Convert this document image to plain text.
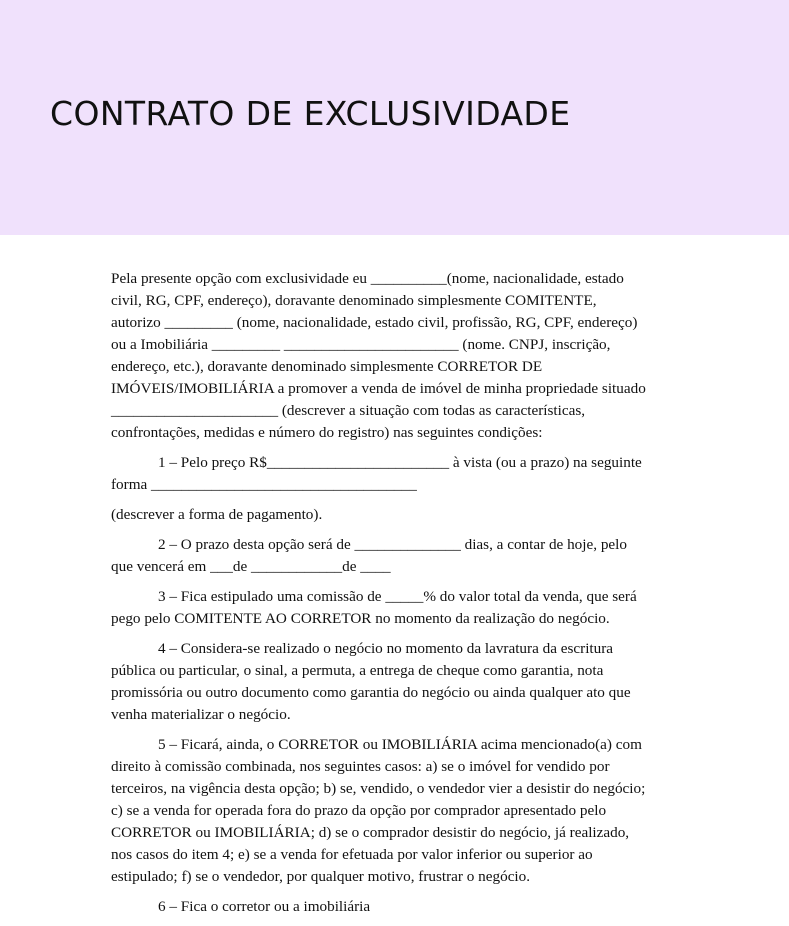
CONTRATO DE EXCLUSIVIDADE

Pela presente opção com exclusividade eu __________(nome, nacionalidade, estado
civil, RG, CPF, endereço), doravante denominado simplesmente COMITENTE,
autorizo _________ (nome, nacionalidade, estado civil, profissão, RG, CPF, endereço)
ou a Imobiliária _________ _______________________ (nome. CNPJ, inscrição,
endereço, etc.), doravante denominado simplesmente CORRETOR DE
IMÓVEIS/IMOBILIÁRIA a promover a venda de imóvel de minha propriedade situado
______________________ (descrever a situação com todas as características,
confrontações, medidas e número do registro) nas seguintes condições:

1 – Pelo preço R$________________________ à vista (ou a prazo) na seguinte
forma ___________________________________

(descrever a forma de pagamento).

2 – O prazo desta opção será de ______________ dias, a contar de hoje, pelo
que vencerá em ___de ____________de ____

3 – Fica estipulado uma comissão de _____% do valor total da venda, que será
pego pelo COMITENTE AO CORRETOR no momento da realização do negócio.

4 – Considera-se realizado o negócio no momento da lavratura da escritura
pública ou particular, o sinal, a permuta, a entrega de cheque como garantia, nota
promissória ou outro documento como garantia do negócio ou ainda qualquer ato que
venha materializar o negócio.

5 – Ficará, ainda, o CORRETOR ou IMOBILIÁRIA acima mencionado(a) com
direito à comissão combinada, nos seguintes casos: a) se o imóvel for vendido por
terceiros, na vigência desta opção; b) se, vendido, o vendedor vier a desistir do negócio;
c) se a venda for operada fora do prazo da opção por comprador apresentado pelo
CORRETOR ou IMOBILIÁRIA; d) se o comprador desistir do negócio, já realizado,
nos casos do item 4; e) se a venda for efetuada por valor inferior ou superior ao
estipulado; f) se o vendedor, por qualquer motivo, frustrar o negócio.

6 – Fica o corretor ou a imobiliária
